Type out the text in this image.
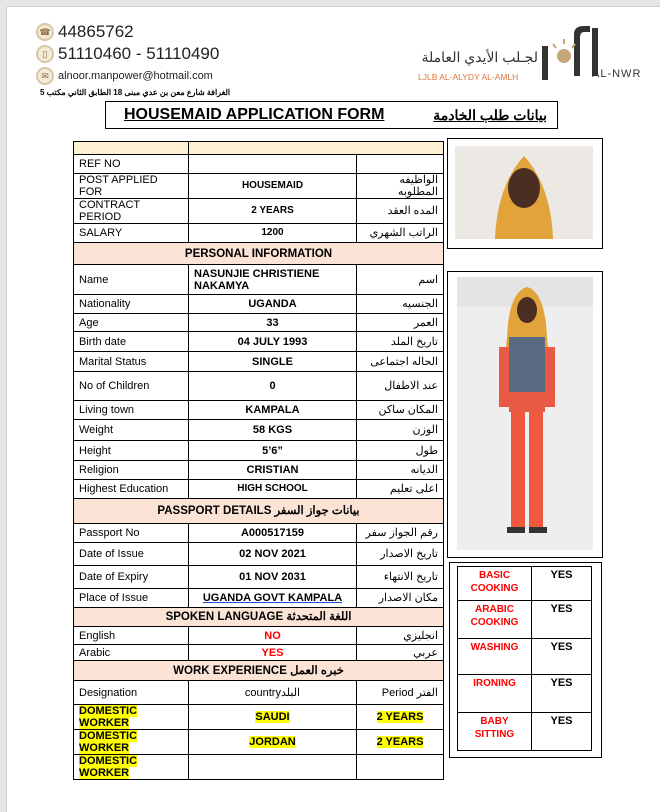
☎ 44865762
▯ 51110460 - 51110490
✉ alnoor.manpower@hotmail.com
الغرافة شارع معن بن عدي مبنى 18 الطابق الثاني مكتب 5
لجـلب الأيدي العاملة
LJLB AL-ALYDY AL-AMLH	AL-NWR
HOUSEMAID APPLICATION FORM	بيانات طلب الخادمة

REF NO		
POST APPLIED FOR	HOUSEMAID	الواظيفه المطلوبه
CONTRACT PERIOD	2 YEARS	المده العقد
SALARY	1200	الراتب الشهري
PERSONAL INFORMATION		
Name	NASUNJIE CHRISTIENE NAKAMYA	اسم
Nationality	UGANDA	الجنسيه
Age	33	العمر
Birth date	04 JULY 1993	تاريخ الملد
Marital Status	SINGLE	الحاله اجتماعى
No of Children	0	عند الاطفال
Living town	KAMPALA	المكان ساكن
Weight	58 KGS	الوزن
Height	5’6”	طول
Religion	CRISTIAN	الديانه
Highest Education	HIGH SCHOOL	اعلى تعليم
PASSPORT DETAILS بيانات جواز السفر		
Passport No	A000517159	رقم الجواز سفر
Date of Issue	02 NOV 2021	تاريخ الاصدار
Date of Expiry	01 NOV 2031	تاريخ الانتهاء
Place of Issue	UGANDA GOVT KAMPALA	مكان الاصدار
SPOKEN LANGUAGE اللغة المتحدثة		
English	NO	انجليزي
Arabic	YES	عربي
WORK EXPERIENCE خبره العمل		
Designation	countryالبلد	Period الفتر
DOMESTIC WORKER	SAUDI	2 YEARS
DOMESTIC WORKER	JORDAN	2 YEARS
DOMESTIC WORKER		
BASIC COOKING	YES
ARABIC COOKING	YES
WASHING	YES
IRONING	YES
BABY SITTING	YES
